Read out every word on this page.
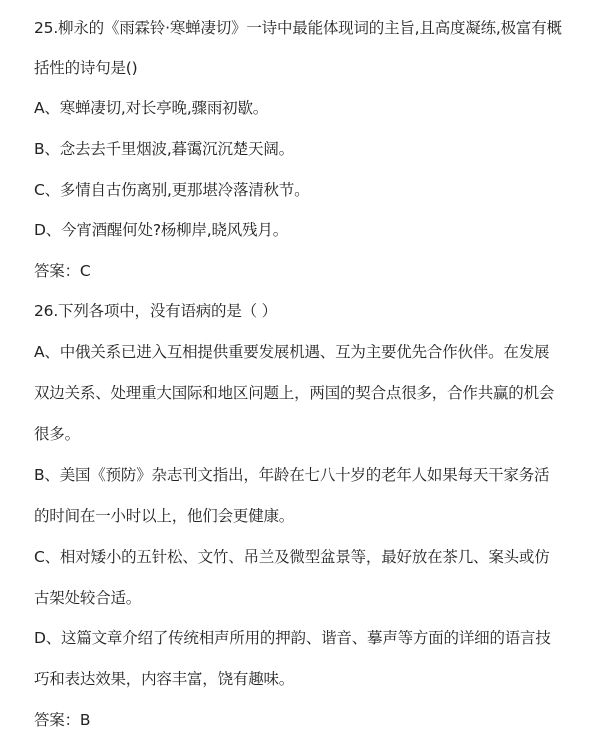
25.柳永的《雨霖铃·寒蝉凄切》一诗中最能体现词的主旨,且高度凝练,极富有概
括性的诗句是()
A、寒蝉凄切,对长亭晚,骤雨初歇。
B、念去去千里烟波,暮霭沉沉楚天阔。
C、多情自古伤离别,更那堪冷落清秋节。
D、今宵酒醒何处?杨柳岸,晓风残月。
答案：C
26.下列各项中，没有语病的是（ ）
A、中俄关系已进入互相提供重要发展机遇、互为主要优先合作伙伴。在发展
双边关系、处理重大国际和地区问题上，两国的契合点很多，合作共赢的机会
很多。
B、美国《预防》杂志刊文指出，年龄在七八十岁的老年人如果每天干家务活
的时间在一小时以上，他们会更健康。
C、相对矮小的五针松、文竹、吊兰及微型盆景等，最好放在茶几、案头或仿
古架处较合适。
D、这篇文章介绍了传统相声所用的押韵、谐音、摹声等方面的详细的语言技
巧和表达效果，内容丰富，饶有趣味。
答案：B
